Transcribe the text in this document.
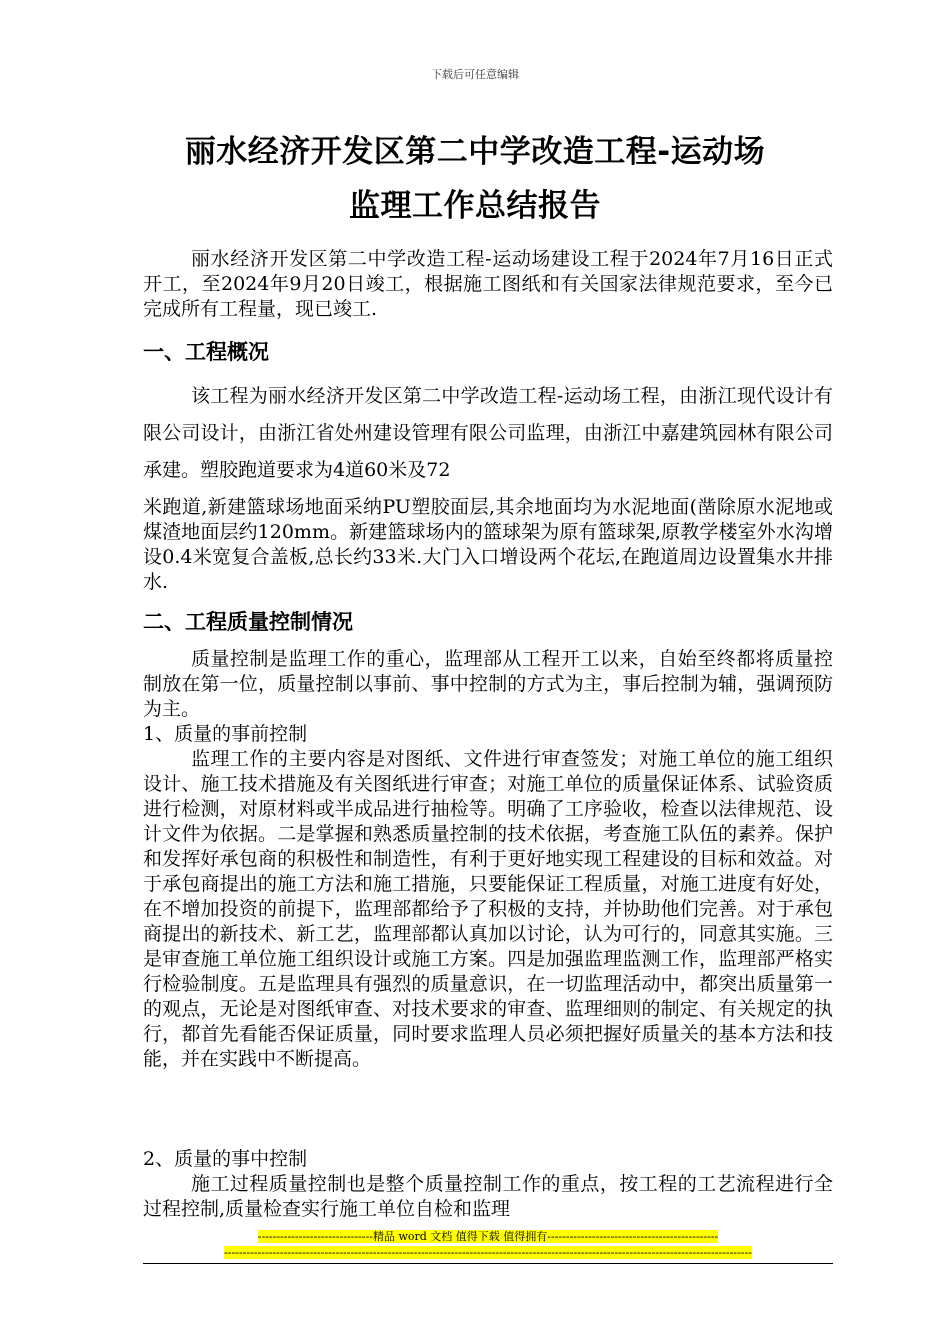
下载后可任意编辑
丽水经济开发区第二中学改造工程-运动场
监理工作总结报告
丽水经济开发区第二中学改造工程-运动场建设工程于2024年7月16日正式开工，至2024年9月20日竣工，根据施工图纸和有关国家法律规范要求，至今已完成所有工程量，现已竣工.
一、工程概况
该工程为丽水经济开发区第二中学改造工程-运动场工程，由浙江现代设计有限公司设计，由浙江省处州建设管理有限公司监理，由浙江中嘉建筑园林有限公司承建。塑胶跑道要求为4道60米及72
米跑道,新建篮球场地面采纳PU塑胶面层,其余地面均为水泥地面(凿除原水泥地或煤渣地面层约120mm。新建篮球场内的篮球架为原有篮球架,原教学楼室外水沟增设0.4米宽复合盖板,总长约33米.大门入口增设两个花坛,在跑道周边设置集水井排水.
二、工程质量控制情况
质量控制是监理工作的重心，监理部从工程开工以来，自始至终都将质量控制放在第一位，质量控制以事前、事中控制的方式为主，事后控制为辅，强调预防为主。
1、质量的事前控制
监理工作的主要内容是对图纸、文件进行审查签发；对施工单位的施工组织设计、施工技术措施及有关图纸进行审查；对施工单位的质量保证体系、试验资质进行检测，对原材料或半成品进行抽检等。明确了工序验收，检查以法律规范、设计文件为依据。二是掌握和熟悉质量控制的技术依据，考查施工队伍的素养。保护和发挥好承包商的积极性和制造性，有利于更好地实现工程建设的目标和效益。对于承包商提出的施工方法和施工措施，只要能保证工程质量，对施工进度有好处，在不增加投资的前提下，监理部都给予了积极的支持，并协助他们完善。对于承包商提出的新技术、新工艺，监理部都认真加以讨论，认为可行的，同意其实施。三是审查施工单位施工组织设计或施工方案。四是加强监理监测工作，监理部严格实行检验制度。五是监理具有强烈的质量意识，在一切监理活动中，都突出质量第一的观点，无论是对图纸审查、对技术要求的审查、监理细则的制定、有关规定的执行，都首先看能否保证质量，同时要求监理人员必须把握好质量关的基本方法和技能，并在实践中不断提高。
2、质量的事中控制
施工过程质量控制也是整个质量控制工作的重点，按工程的工艺流程进行全过程控制,质量检查实行施工单位自检和监理
-------------------------------精品 word 文档 值得下载 值得拥有----------------------------------------------
----------------------------------------------------------------------------------------------------------------------------------------------
